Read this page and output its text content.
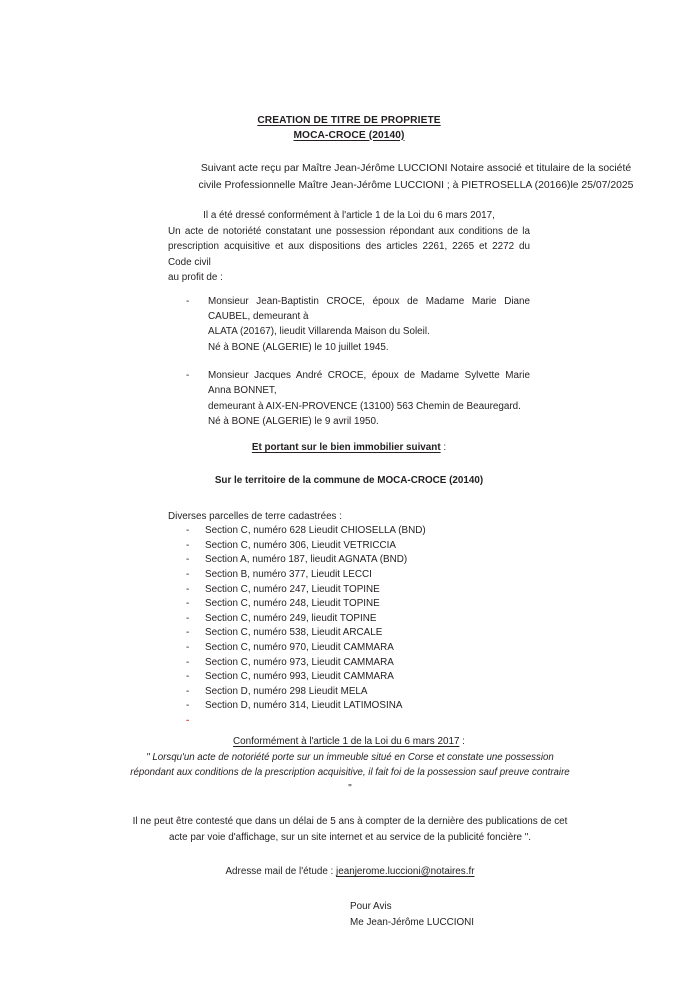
CREATION DE TITRE DE PROPRIETE
MOCA-CROCE (20140)
Suivant acte reçu par Maître Jean-Jérôme LUCCIONI Notaire associé et titulaire de la société
civile Professionnelle Maître Jean-Jérôme LUCCIONI ; à PIETROSELLA (20166)le 25/07/2025
Il a été dressé conformément à l'article 1 de la Loi du 6 mars 2017,
Un acte de notoriété constatant une possession répondant aux conditions de la prescription acquisitive et aux dispositions des articles 2261, 2265 et 2272 du Code civil
au profit de :
- Monsieur Jean-Baptistin CROCE, époux de Madame Marie Diane CAUBEL, demeurant à
ALATA (20167), lieudit Villarenda Maison du Soleil.
Né à BONE (ALGERIE) le 10 juillet 1945.
- Monsieur Jacques André CROCE, époux de Madame Sylvette Marie Anna BONNET,
demeurant à AIX-EN-PROVENCE (13100) 563 Chemin de Beauregard.
Né à BONE (ALGERIE) le 9 avril 1950.
Et portant sur le bien immobilier suivant :
Sur le territoire de la commune de MOCA-CROCE (20140)
Diverses parcelles de terre cadastrées :
- Section C, numéro 628 Lieudit CHIOSELLA (BND)
- Section C, numéro 306, Lieudit VETRICCIA
- Section A, numéro 187, lieudit AGNATA (BND)
- Section B, numéro 377, Lieudit LECCI
- Section C, numéro 247, Lieudit TOPINE
- Section C, numéro 248, Lieudit TOPINE
- Section C, numéro 249, lieudit TOPINE
- Section C, numéro 538, Lieudit ARCALE
- Section C, numéro 970, Lieudit CAMMARA
- Section C, numéro 973, Lieudit CAMMARA
- Section C, numéro 993, Lieudit CAMMARA
- Section D, numéro 298 Lieudit MELA
- Section D, numéro 314, Lieudit LATIMOSINA
-
Conformément à l'article 1 de la Loi du 6 mars 2017 :
" Lorsqu'un acte de notoriété porte sur un immeuble situé en Corse et constate une possession
répondant aux conditions de la prescription acquisitive, il fait foi de la possession sauf preuve contraire
"
Il ne peut être contesté que dans un délai de 5 ans à compter de la dernière des publications de cet
acte par voie d'affichage, sur un site internet et au service de la publicité foncière ".
Adresse mail de l'étude : jeanjerome.luccioni@notaires.fr
Pour Avis
Me Jean-Jérôme LUCCIONI
